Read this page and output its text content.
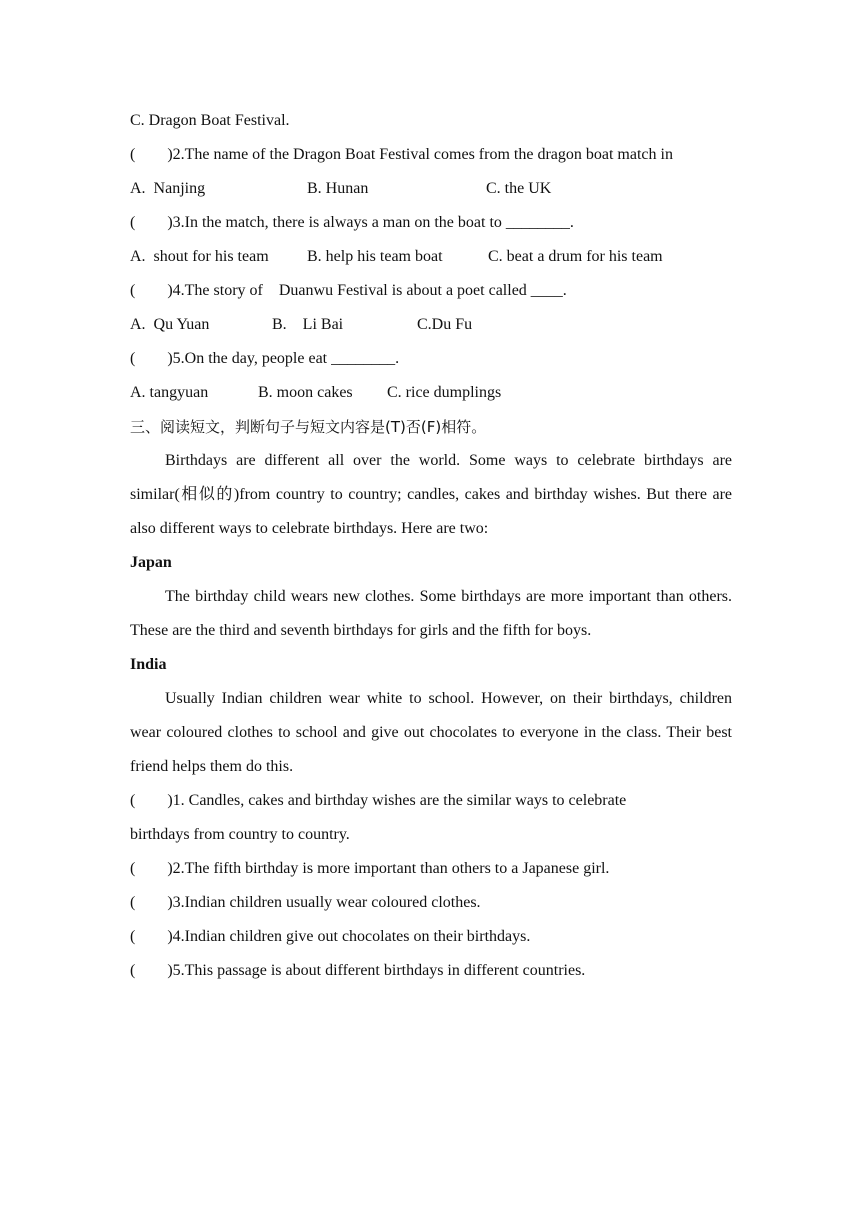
C. Dragon Boat Festival.
(        )2.The name of the Dragon Boat Festival comes from the dragon boat match in
A.  Nanjing	B. Hunan	C. the UK
(        )3.In the match, there is always a man on the boat to ________.
A.  shout for his team	B. help his team boat	C. beat a drum for his team
(        )4.The story of    Duanwu Festival is about a poet called ____.
A.  Qu Yuan	B.    Li Bai	C.Du Fu
(        )5.On the day, people eat ________.
A. tangyuan	B. moon cakes	C. rice dumplings
三、阅读短文，判断句子与短文内容是(T)否(F)相符。
Birthdays are different all over the world. Some ways to celebrate birthdays are similar(相似的)from country to country; candles, cakes and birthday wishes. But there are also different ways to celebrate birthdays. Here are two:
Japan
The birthday child wears new clothes. Some birthdays are more important than others. These are the third and seventh birthdays for girls and the fifth for boys.
India
Usually Indian children wear white to school. However, on their birthdays, children wear coloured clothes to school and give out chocolates to everyone in the class. Their best friend helps them do this.
(        )1. Candles, cakes and birthday wishes are the similar ways to celebrate
birthdays from country to country.
(        )2.The fifth birthday is more important than others to a Japanese girl.
(        )3.Indian children usually wear coloured clothes.
(        )4.Indian children give out chocolates on their birthdays.
(        )5.This passage is about different birthdays in different countries.
